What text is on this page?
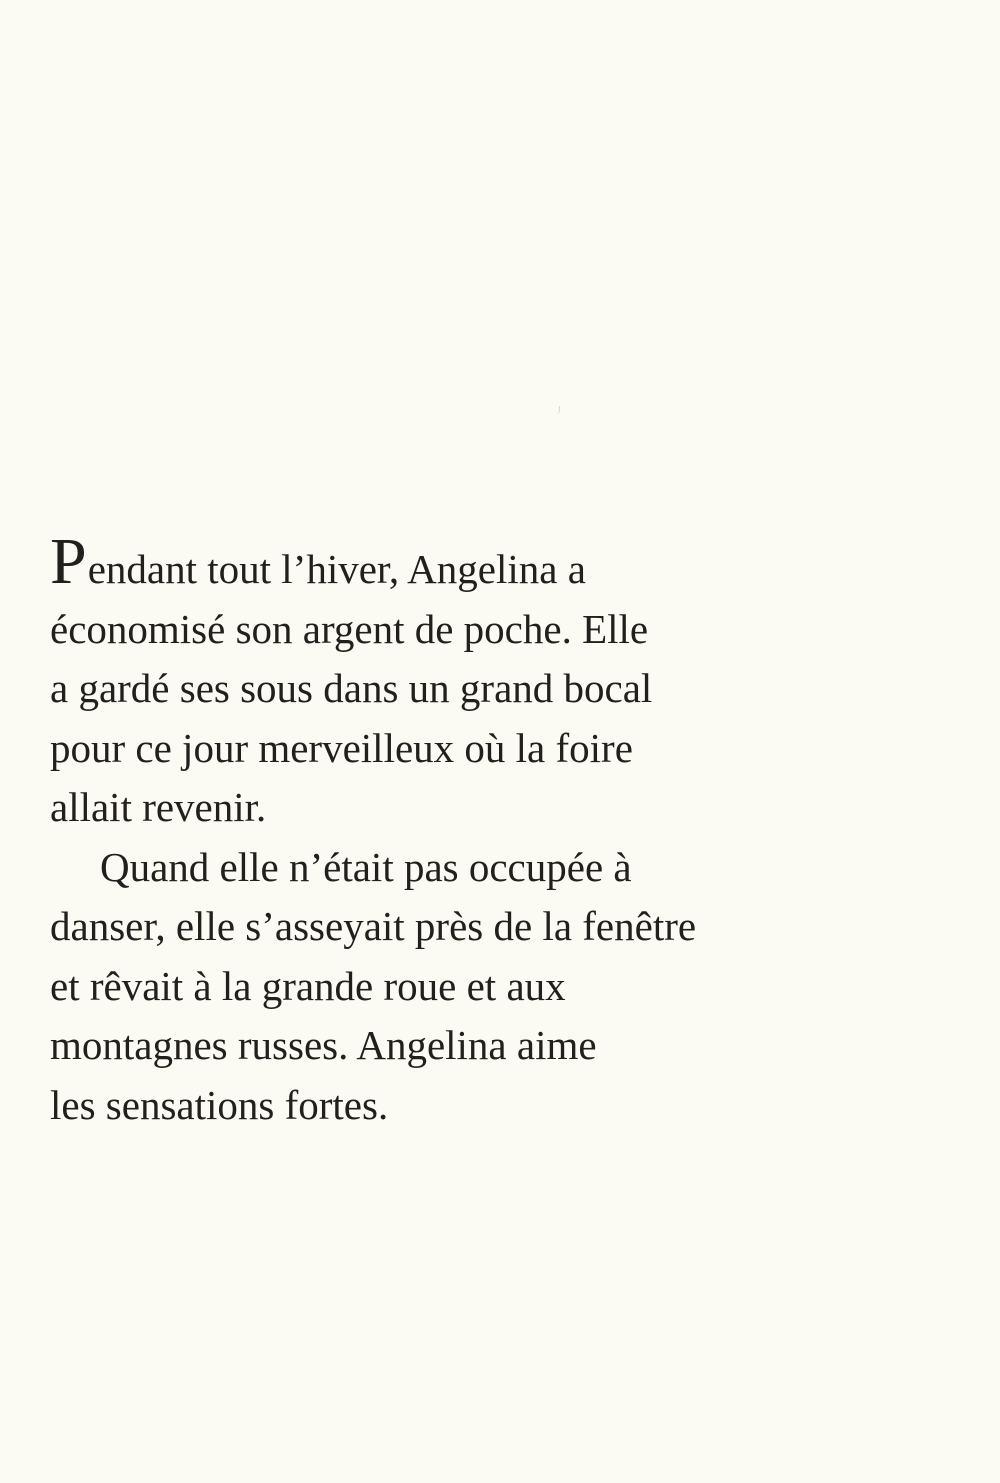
Pendant tout l’hiver, Angelina a
économisé son argent de poche. Elle
a gardé ses sous dans un grand bocal
pour ce jour merveilleux où la foire
allait revenir.
Quand elle n’était pas occupée à
danser, elle s’asseyait près de la fenêtre
et rêvait à la grande roue et aux
montagnes russes. Angelina aime
les sensations fortes.
